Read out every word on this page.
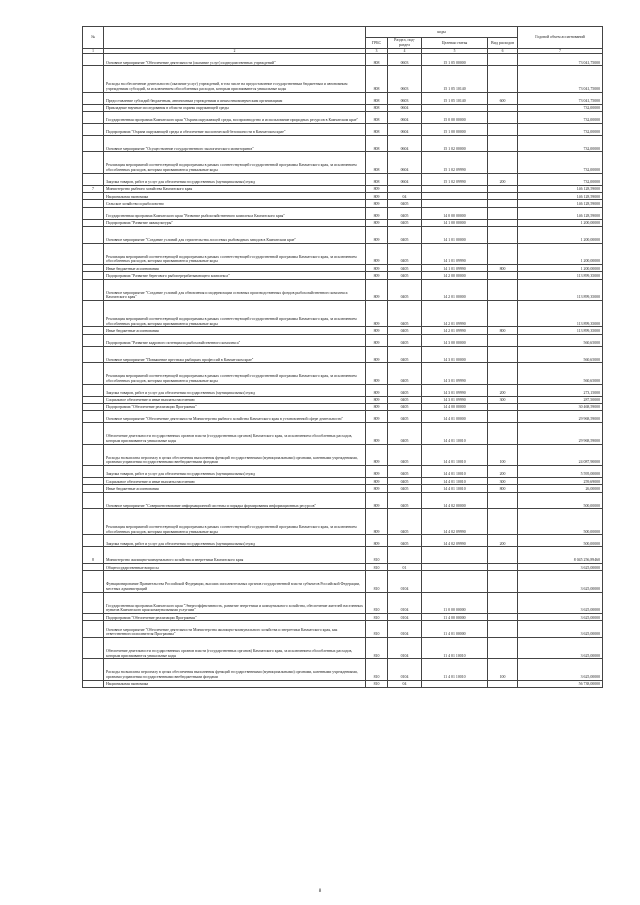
№		коды				Годовой объем ассигнований
		ГРБС	Раздел, под-раздел	Целевая статья	Вид расходов	
1	2	3	4	5	6	7
	Основное мероприятие "Обеспечение деятельности (оказание услуг) подведомственных учреждений"	808	0603	15 1 05 00000		73 041,75000
	Расходы на обеспечение деятельности (оказание услуг) учреждений, в том числе на предоставление государственным бюджетным и автономным учреждениям субсидий, за исключением обособленных расходов, которым присваиваются уникальные коды	808	0603	15 1 05 10140		73 041,75000
	Предоставление субсидий бюджетным, автономным учреждениям и иным некоммерческим организациям	808	0603	15 1 05 10140	600	73 041,75000
	Прикладные научные исследования в области охраны окружающей среды	808	0604			732,00000
	Государственная программа Камчатского края "Охрана окружающей среды, воспроизводство и использование природных ресурсов в Камчатском крае"	808	0604	15 0 00 00000		732,00000
	Подпрограмма "Охрана окружающей среды и обеспечение экологической безопасности в Камчатском крае"	808	0604	15 1 00 00000		732,00000
	Основное мероприятие "Осуществление государственного экологического мониторинга"	808	0604	15 1 02 00000		732,00000
	Реализация мероприятий соответствующей подпрограммы в рамках соответствующей государственной программы Камчатского края, за исключением обособленных расходов, которым присваиваются уникальные коды	808	0604	15 1 02 09990		732,00000
	Закупка товаров, работ и услуг для обеспечения государственных (муниципальных) нужд	808	0604	15 1 02 09990	200	732,00000
7	Министерство рыбного хозяйства Камчатского края	809				146 128,59000
	Национальная экономика	809	04			146 128,59000
	Сельское хозяйство и рыболовство	809	0405			146 128,59000
	Государственная программа Камчатского края "Развитие рыбохозяйственного комплекса Камчатского края"	809	0405	14 0 00 00000		146 128,59000
	Подпрограмма "Развитие аквакультуры"	809	0405	14 1 00 00000		1 200,00000
	Основное мероприятие "Создание условий для строительства лососевых рыбоводных заводов в Камчатском крае"	809	0405	14 1 01 00000		1 200,00000
	Реализация мероприятий соответствующей подпрограммы в рамках соответствующей государственной программы Камчатского края, за исключением обособленных расходов, которым присваиваются уникальные коды	809	0405	14 1 01 09990		1 200,00000
	Иные бюджетные ассигнования	809	0405	14 1 01 09990	800	1 200,00000
	Подпрограмма "Развитие берегового рыбоперерабатывающего комплекса"	809	0405	14 2 00 00000		113 899,35000
	Основное мероприятие "Создание условий для обновления и модернизации основных производственных фондов рыбохозяйственного комплекса Камчатского края"	809	0405	14 2 01 00000		113 899,35000
	Реализация мероприятий соответствующей подпрограммы в рамках соответствующей государственной программы Камчатского края, за исключением обособленных расходов, которым присваиваются уникальные коды	809	0405	14 2 01 09990		113 899,35000
	Иные бюджетные ассигнования	809	0405	14 2 01 09990	800	113 899,35000
	Подпрограмма "Развитие кадрового потенциала рыбохозяйственного комплекса"	809	0405	14 3 00 00000		560,65000
	Основное мероприятие "Повышение престижа рыбацких профессий в Камчатском крае"	809	0405	14 3 01 00000		560,65000
	Реализация мероприятий соответствующей подпрограммы в рамках соответствующей государственной программы Камчатского края, за исключением обособленных расходов, которым присваиваются уникальные коды	809	0405	14 3 01 09990		560,65000
	Закупка товаров, работ и услуг для обеспечения государственных (муниципальных) нужд	809	0405	14 3 01 09990	200	273,15000
	Социальное обеспечение и иные выплаты населению	809	0405	14 3 01 09990	300	287,50000
	Подпрограмма "Обеспечение реализации Программы"	809	0405	14 4 00 00000		30 468,59000
	Основное мероприятие "Обеспечение деятельности Министерства рыбного хозяйства Камчатского края в установленной сфере деятельности"	809	0405	14 4 01 00000		29 968,59000
	Обеспечение деятельности государственных органов власти (государственных органов) Камчатского края, за исключением обособленных расходов, которым присваиваются уникальные коды	809	0405	14 4 01 10010		29 968,59000
	Расходы на выплаты персоналу в целях обеспечения выполнения функций государственными (муниципальными) органами, казенными учреждениями, органами управления государственными внебюджетными фондами	809	0405	14 4 01 10010	100	24 087,90000
	Закупка товаров, работ и услуг для обеспечения государственных (муниципальных) нужд	809	0405	14 4 01 10010	200	5 595,00000
	Социальное обеспечение и иные выплаты населению	809	0405	14 4 01 10010	300	259,69000
	Иные бюджетные ассигнования	809	0405	14 4 01 10010	800	26,00000
	Основное мероприятие "Совершенствование информационной системы и порядка формирования информационных ресурсов"	809	0405	14 4 02 00000		500,00000
	Реализация мероприятий соответствующей подпрограммы в рамках соответствующей государственной программы Камчатского края, за исключением обособленных расходов, которым присваиваются уникальные коды	809	0405	14 4 02 09990		500,00000
	Закупка товаров, работ и услуг для обеспечения государственных (муниципальных) нужд	809	0405	14 4 02 09990	200	500,00000
8	Министерство жилищно-коммунального хозяйства и энергетики Камчатского края	810				8 045 256,89460
	Общегосударственные вопросы	810	01			3 625,00000
	Функционирование Правительства Российской Федерации, высших исполнительных органов государственной власти субъектов Российской Федерации, местных администраций	810	0104			3 625,00000
	Государственная программа Камчатского края "Энергоэффективность, развитие энергетики и коммунального хозяйства, обеспечение жителей населенных пунктов Камчатского края коммунальными услугами"	810	0104	11 0 00 00000		3 625,00000
	Подпрограмма "Обеспечение реализации Программы"	810	0104	11 4 00 00000		3 625,00000
	Основное мероприятие "Обеспечение деятельности Министерства жилищно-коммунального хозяйства и энергетики Камчатского края, как ответственного исполнителя Программы"	810	0104	11 4 01 00000		3 625,00000
	Обеспечение деятельности государственных органов власти (государственных органов) Камчатского края, за исключением обособленных расходов, которым присваиваются уникальные коды	810	0104	11 4 01 10010		3 625,00000
	Расходы на выплаты персоналу в целях обеспечения выполнения функций государственными (муниципальными) органами, казенными учреждениями, органами управления государственными внебюджетными фондами	810	0104	11 4 01 10010	100	3 625,00000
	Национальная экономика	810	04			56 738,00000
8
